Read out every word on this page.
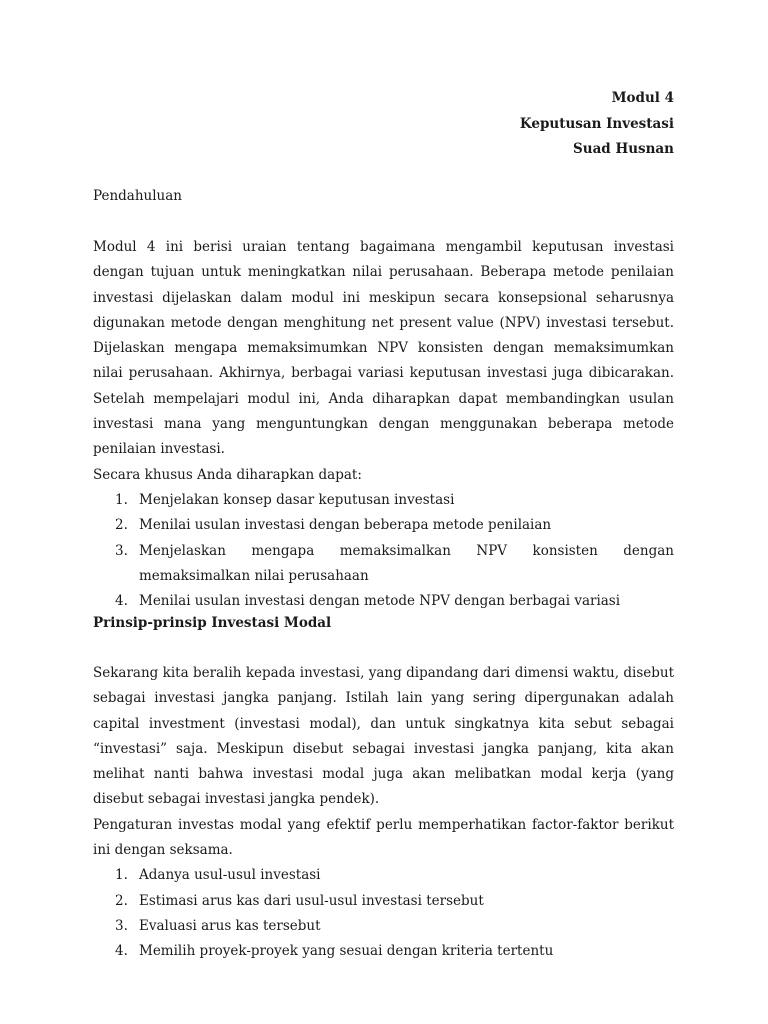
Modul 4
Keputusan Investasi
Suad Husnan

Pendahuluan

Modul 4 ini berisi uraian tentang bagaimana mengambil keputusan investasi dengan tujuan untuk meningkatkan nilai perusahaan. Beberapa metode penilaian investasi dijelaskan dalam modul ini meskipun secara konsepsional seharusnya digunakan metode dengan menghitung net present value (NPV) investasi tersebut. Dijelaskan mengapa memaksimumkan NPV konsisten dengan memaksimumkan nilai perusahaan. Akhirnya, berbagai variasi keputusan investasi juga dibicarakan. Setelah mempelajari modul ini, Anda diharapkan dapat membandingkan usulan investasi mana yang menguntungkan dengan menggunakan beberapa metode penilaian investasi.

Secara khusus Anda diharapkan dapat:

1. Menjelakan konsep dasar keputusan investasi
2. Menilai usulan investasi dengan beberapa metode penilaian
3. Menjelaskan mengapa memaksimalkan NPV konsisten dengan memaksimalkan nilai perusahaan
4. Menilai usulan investasi dengan metode NPV dengan berbagai variasi

Prinsip-prinsip Investasi Modal

Sekarang kita beralih kepada investasi, yang dipandang dari dimensi waktu, disebut sebagai investasi jangka panjang. Istilah lain yang sering dipergunakan adalah capital investment (investasi modal), dan untuk singkatnya kita sebut sebagai “investasi” saja. Meskipun disebut sebagai investasi jangka panjang, kita akan melihat nanti bahwa investasi modal juga akan melibatkan modal kerja (yang disebut sebagai investasi jangka pendek).

Pengaturan investas modal yang efektif perlu memperhatikan factor-faktor berikut ini dengan seksama.

1. Adanya usul-usul investasi
2. Estimasi arus kas dari usul-usul investasi tersebut
3. Evaluasi arus kas tersebut
4. Memilih proyek-proyek yang sesuai dengan kriteria tertentu
